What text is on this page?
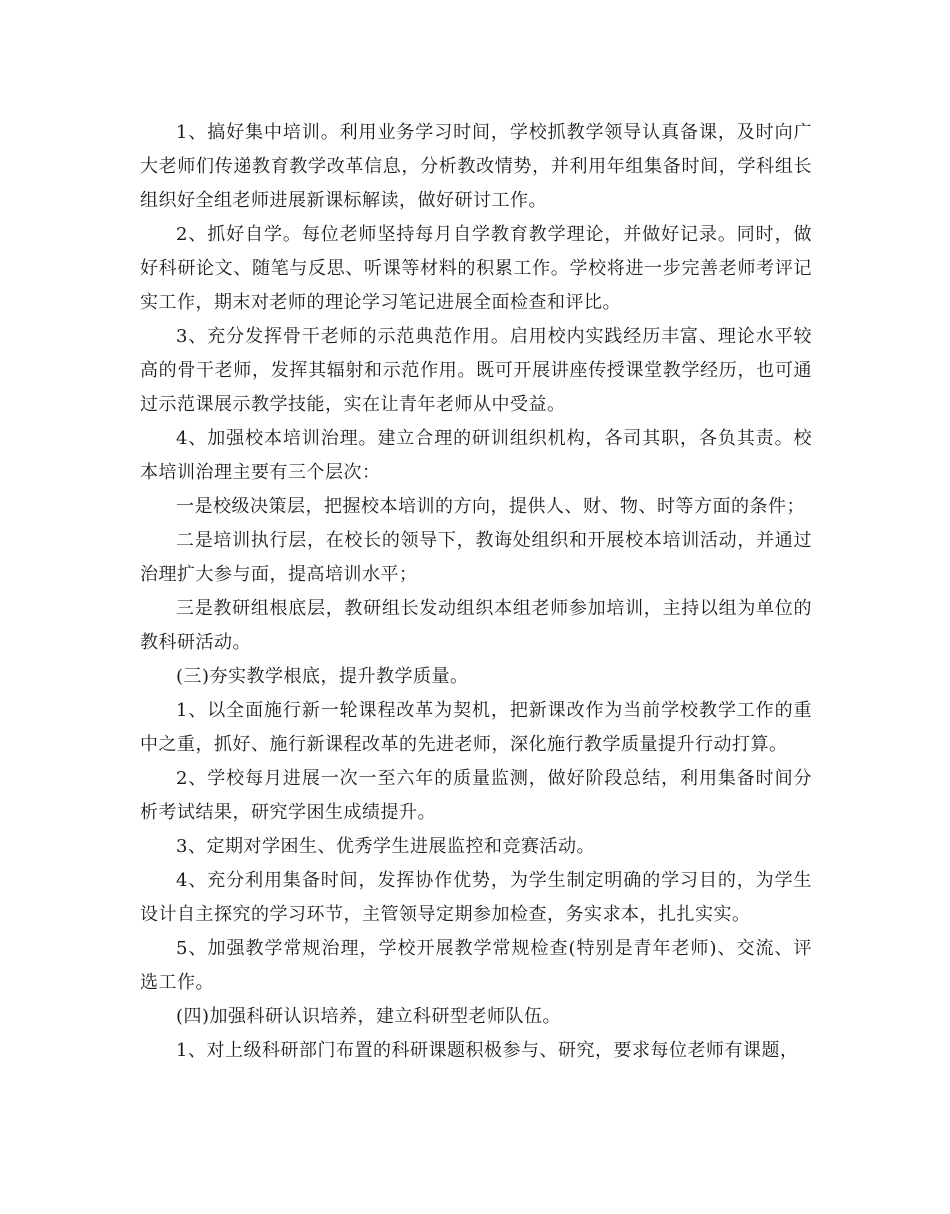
1、搞好集中培训。利用业务学习时间，学校抓教学领导认真备课，及时向广大老师们传递教育教学改革信息，分析教改情势，并利用年组集备时间，学科组长组织好全组老师进展新课标解读，做好研讨工作。

2、抓好自学。每位老师坚持每月自学教育教学理论，并做好记录。同时，做好科研论文、随笔与反思、听课等材料的积累工作。学校将进一步完善老师考评记实工作，期末对老师的理论学习笔记进展全面检查和评比。

3、充分发挥骨干老师的示范典范作用。启用校内实践经历丰富、理论水平较高的骨干老师，发挥其辐射和示范作用。既可开展讲座传授课堂教学经历，也可通过示范课展示教学技能，实在让青年老师从中受益。

4、加强校本培训治理。建立合理的研训组织机构，各司其职，各负其责。校本培训治理主要有三个层次：

一是校级决策层，把握校本培训的方向，提供人、财、物、时等方面的条件；

二是培训执行层，在校长的领导下，教诲处组织和开展校本培训活动，并通过治理扩大参与面，提高培训水平；

三是教研组根底层，教研组长发动组织本组老师参加培训，主持以组为单位的教科研活动。

(三)夯实教学根底，提升教学质量。

1、以全面施行新一轮课程改革为契机，把新课改作为当前学校教学工作的重中之重，抓好、施行新课程改革的先进老师，深化施行教学质量提升行动打算。

2、学校每月进展一次一至六年的质量监测，做好阶段总结，利用集备时间分析考试结果，研究学困生成绩提升。

3、定期对学困生、优秀学生进展监控和竞赛活动。

4、充分利用集备时间，发挥协作优势，为学生制定明确的学习目的，为学生设计自主探究的学习环节，主管领导定期参加检查，务实求本，扎扎实实。

5、加强教学常规治理，学校开展教学常规检查(特别是青年老师)、交流、评选工作。

(四)加强科研认识培养，建立科研型老师队伍。

1、对上级科研部门布置的科研课题积极参与、研究，要求每位老师有课题，
